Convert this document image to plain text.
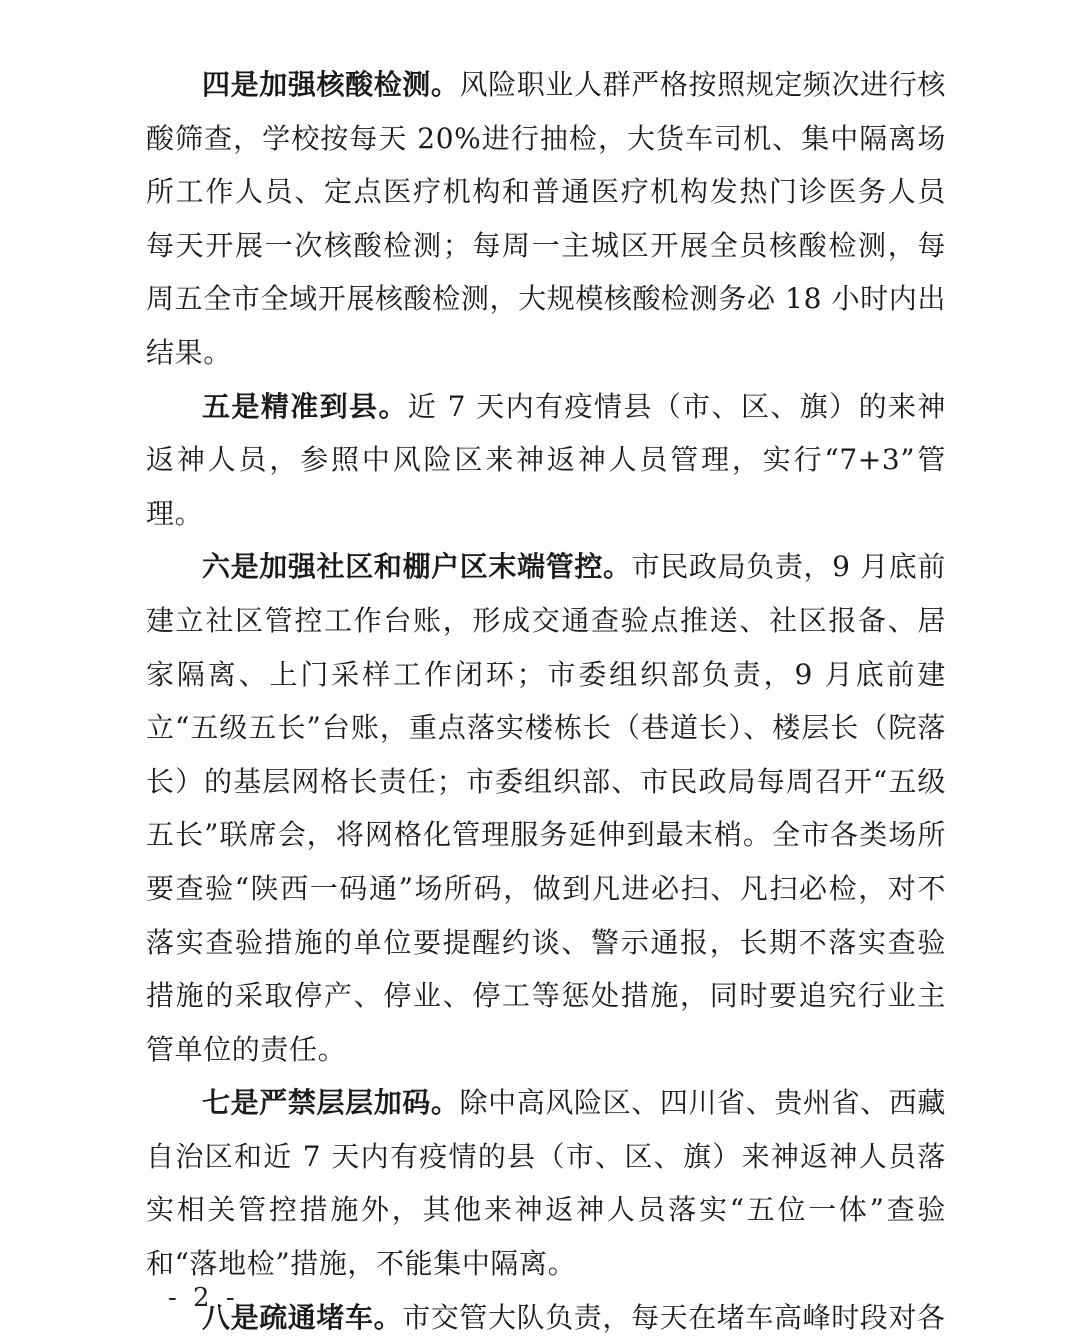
四是加强核酸检测。风险职业人群严格按照规定频次进行核酸筛查，学校按每天 20%进行抽检，大货车司机、集中隔离场所工作人员、定点医疗机构和普通医疗机构发热门诊医务人员每天开展一次核酸检测；每周一主城区开展全员核酸检测，每周五全市全域开展核酸检测，大规模核酸检测务必 18 小时内出结果。

五是精准到县。近 7 天内有疫情县（市、区、旗）的来神返神人员，参照中风险区来神返神人员管理，实行“7+3”管理。

六是加强社区和棚户区末端管控。市民政局负责，9 月底前建立社区管控工作台账，形成交通查验点推送、社区报备、居家隔离、上门采样工作闭环；市委组织部负责，9 月底前建立“五级五长”台账，重点落实楼栋长（巷道长）、楼层长（院落长）的基层网格长责任；市委组织部、市民政局每周召开“五级五长”联席会，将网格化管理服务延伸到最末梢。全市各类场所要查验“陕西一码通”场所码，做到凡进必扫、凡扫必检，对不落实查验措施的单位要提醒约谈、警示通报，长期不落实查验措施的采取停产、停业、停工等惩处措施，同时要追究行业主管单位的责任。

七是严禁层层加码。除中高风险区、四川省、贵州省、西藏自治区和近 7 天内有疫情的县（市、区、旗）来神返神人员落实相关管控措施外，其他来神返神人员落实“五位一体”查验和“落地检”措施，不能集中隔离。

八是疏通堵车。市交管大队负责，每天在堵车高峰时段对各

- 2 -
